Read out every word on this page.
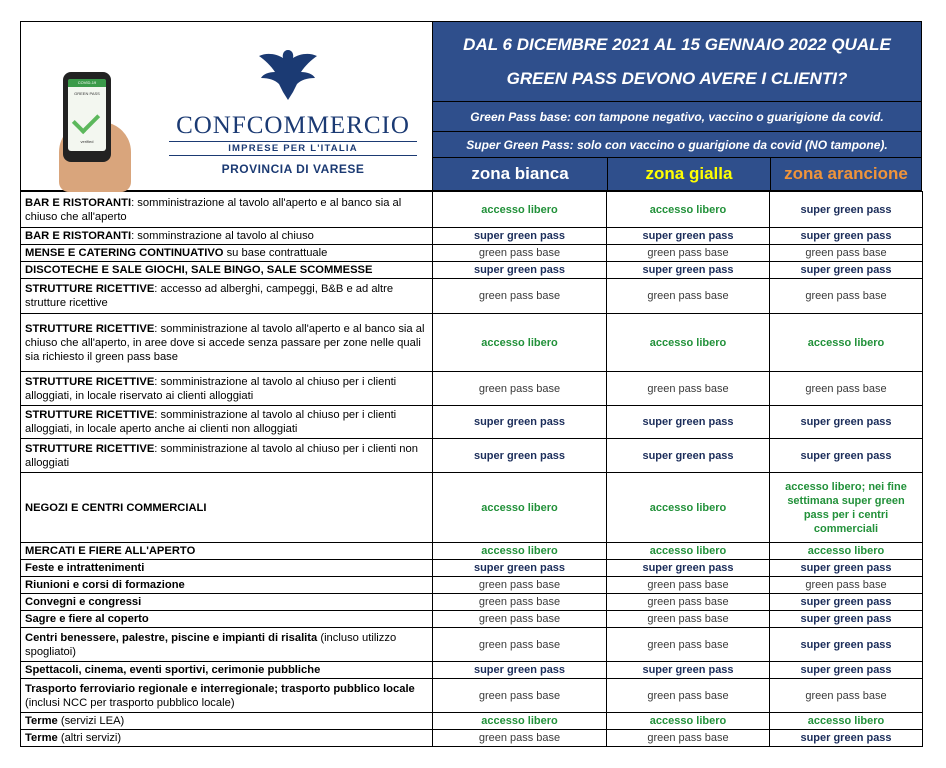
COVID-19
GREEN PASS
verified
CONFCOMMERCIO
IMPRESE PER L'ITALIA
PROVINCIA DI VARESE
DAL 6 DICEMBRE 2021 AL 15 GENNAIO 2022 QUALE
GREEN PASS DEVONO AVERE I CLIENTI?
Green Pass base: con tampone negativo, vaccino o guarigione da covid.
Super Green Pass: solo con vaccino o guarigione da covid (NO tampone).
zona bianca	zona gialla	zona arancione
BAR E RISTORANTI: somministrazione al tavolo all'aperto e al banco sia al chiuso che all'aperto	accesso libero	accesso libero	super green pass
BAR E RISTORANTI: somminstrazione al tavolo al chiuso	super green pass	super green pass	super green pass
MENSE E CATERING CONTINUATIVO su base contrattuale	green pass base	green pass base	green pass base
DISCOTECHE E SALE GIOCHI, SALE BINGO, SALE SCOMMESSE	super green pass	super green pass	super green pass
STRUTTURE RICETTIVE: accesso ad alberghi, campeggi, B&B e ad altre strutture ricettive	green pass base	green pass base	green pass base
STRUTTURE RICETTIVE: somministrazione al tavolo all'aperto e al banco sia al chiuso che all'aperto, in aree dove si accede senza passare per zone nelle quali sia richiesto il green pass base	accesso libero	accesso libero	accesso libero
STRUTTURE RICETTIVE: somministrazione al tavolo al chiuso per i clienti alloggiati, in locale riservato ai clienti alloggiati	green pass base	green pass base	green pass base
STRUTTURE RICETTIVE: somministrazione al tavolo al chiuso per i clienti alloggiati, in locale aperto anche ai clienti non alloggiati	super green pass	super green pass	super green pass
STRUTTURE RICETTIVE: somministrazione al tavolo al chiuso per i clienti non alloggiati	super green pass	super green pass	super green pass
NEGOZI E CENTRI COMMERCIALI	accesso libero	accesso libero	accesso libero; nei fine settimana super green pass per i centri commerciali
MERCATI E FIERE ALL'APERTO	accesso libero	accesso libero	accesso libero
Feste e intrattenimenti	super green pass	super green pass	super green pass
Riunioni e corsi di formazione	green pass base	green pass base	green pass base
Convegni e congressi	green pass base	green pass base	super green pass
Sagre e fiere al coperto	green pass base	green pass base	super green pass
Centri benessere, palestre, piscine e impianti di risalita (incluso utilizzo spogliatoi)	green pass base	green pass base	super green pass
Spettacoli, cinema, eventi sportivi, cerimonie pubbliche	super green pass	super green pass	super green pass
Trasporto ferroviario regionale e interregionale; trasporto pubblico locale (inclusi NCC per trasporto pubblico locale)	green pass base	green pass base	green pass base
Terme (servizi LEA)	accesso libero	accesso libero	accesso libero
Terme (altri servizi)	green pass base	green pass base	super green pass
